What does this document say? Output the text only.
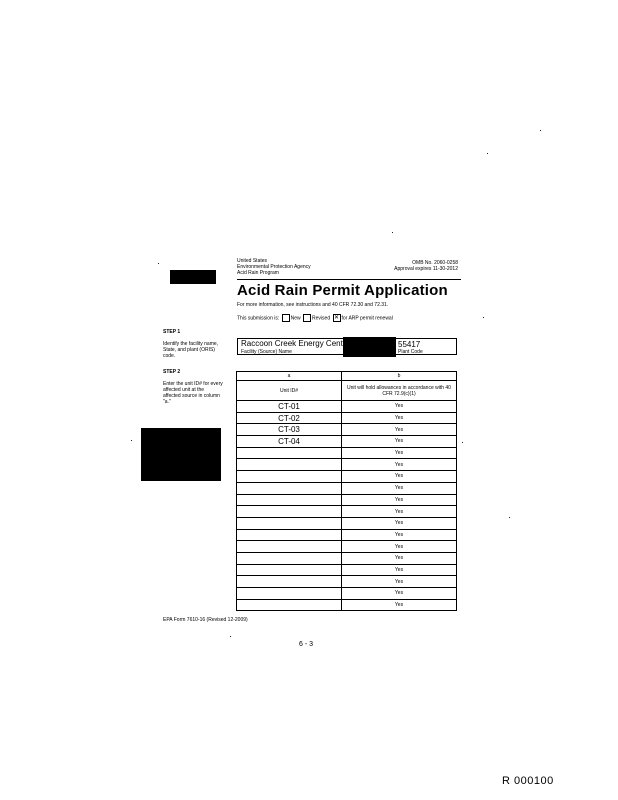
United States
Environmental Protection Agency
Acid Rain Program
OMB No. 2060-0258
Approval expires 11-30-2012
Acid Rain Permit Application
For more information, see instructions and 40 CFR 72.30 and 72.31.
This submission is: New Revised ✕ for ARP permit renewal
STEP 1
Identify the facility name, State, and plant (ORIS) code.
STEP 2
Enter the unit ID# for every affected unit at the affected source in column "a."
Raccoon Creek Energy Center
Facility (Source) Name
55417
Plant Code
a	b
Unit ID#	Unit will hold allowances in accordance with 40 CFR 72.9(c)(1)
CT-01	Yes
CT-02	Yes
CT-03	Yes
CT-04	Yes
	Yes
	Yes
	Yes
	Yes
	Yes
	Yes
	Yes
	Yes
	Yes
	Yes
	Yes
	Yes
	Yes
	Yes
EPA Form 7610-16 (Revised 12-2009)
6 - 3
R 000100
